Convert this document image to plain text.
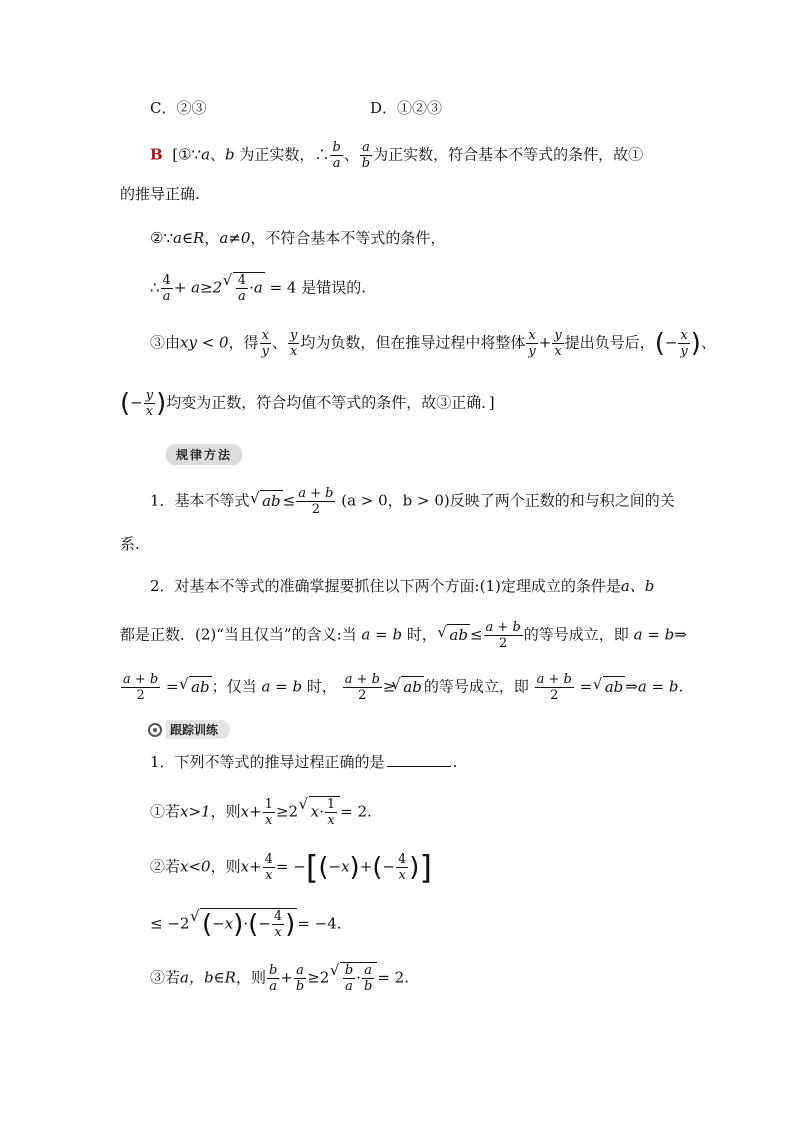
C．②③	D．①②③
B [①∵a、b 为正实数，∴ $\frac{b}{a}$ 、 $\frac{a}{b}$ 为正实数，符合基本不等式的条件，故①
的推导正确.
②∵a∈R，a≠0，不符合基本不等式的条件，
∴ $\frac{4}{a} + a\ge 2$ √ $\frac{4}{a} \cdot a = 4$ 是错误的.
③由xy < 0，得 $\frac{x}{y}$ 、 $\frac{y}{x}$ 均为负数，但在推导过程中将整体 $\frac{x}{y} + \frac{y}{x}$ 提出负号后，(− $\frac{x}{y}$ )、
(− $\frac{y}{x}$ )均变为正数，符合均值不等式的条件，故③正确．]
规律方法
1．基本不等式 √ ab ≤ $\frac{a + b}{2} (a > 0$，b > 0)反映了两个正数的和与积之间的关
系.
2．对基本不等式的准确掌握要抓住以下两个方面:(1)定理成立的条件是a、b
都是正数．(2)“当且仅当”的含义:当 a = b 时， √ ab ≤ $\frac{a + b}{2}$ 的等号成立，即 a = b⇒
$\frac{a + b}{2}$ =  √ ab ；仅当 a = b 时， $\frac{a + b}{2}$ ≥ √ ab 的等号成立，即 $\frac{a + b}{2}$ =  √ ab ⇒a = b.
跟踪训练
1．下列不等式的推导过程正确的是	.
①若x>1，则$x+ \frac{1}{x} \ge 2$  √ $x\cdot \frac{1}{x} = 2$.
②若x<0，则$x+ \frac{4}{x} = -[(-x)+(- \frac{4}{x}$ )]
≤ −2 √ $(-x)\cdot(- \frac{4}{x}$ ) = −4.
③若a，b∈R，则 $\frac{b}{a} + \frac{a}{b} \ge 2$ √ $\frac{b}{a} \cdot \frac{a}{b} = 2$.
